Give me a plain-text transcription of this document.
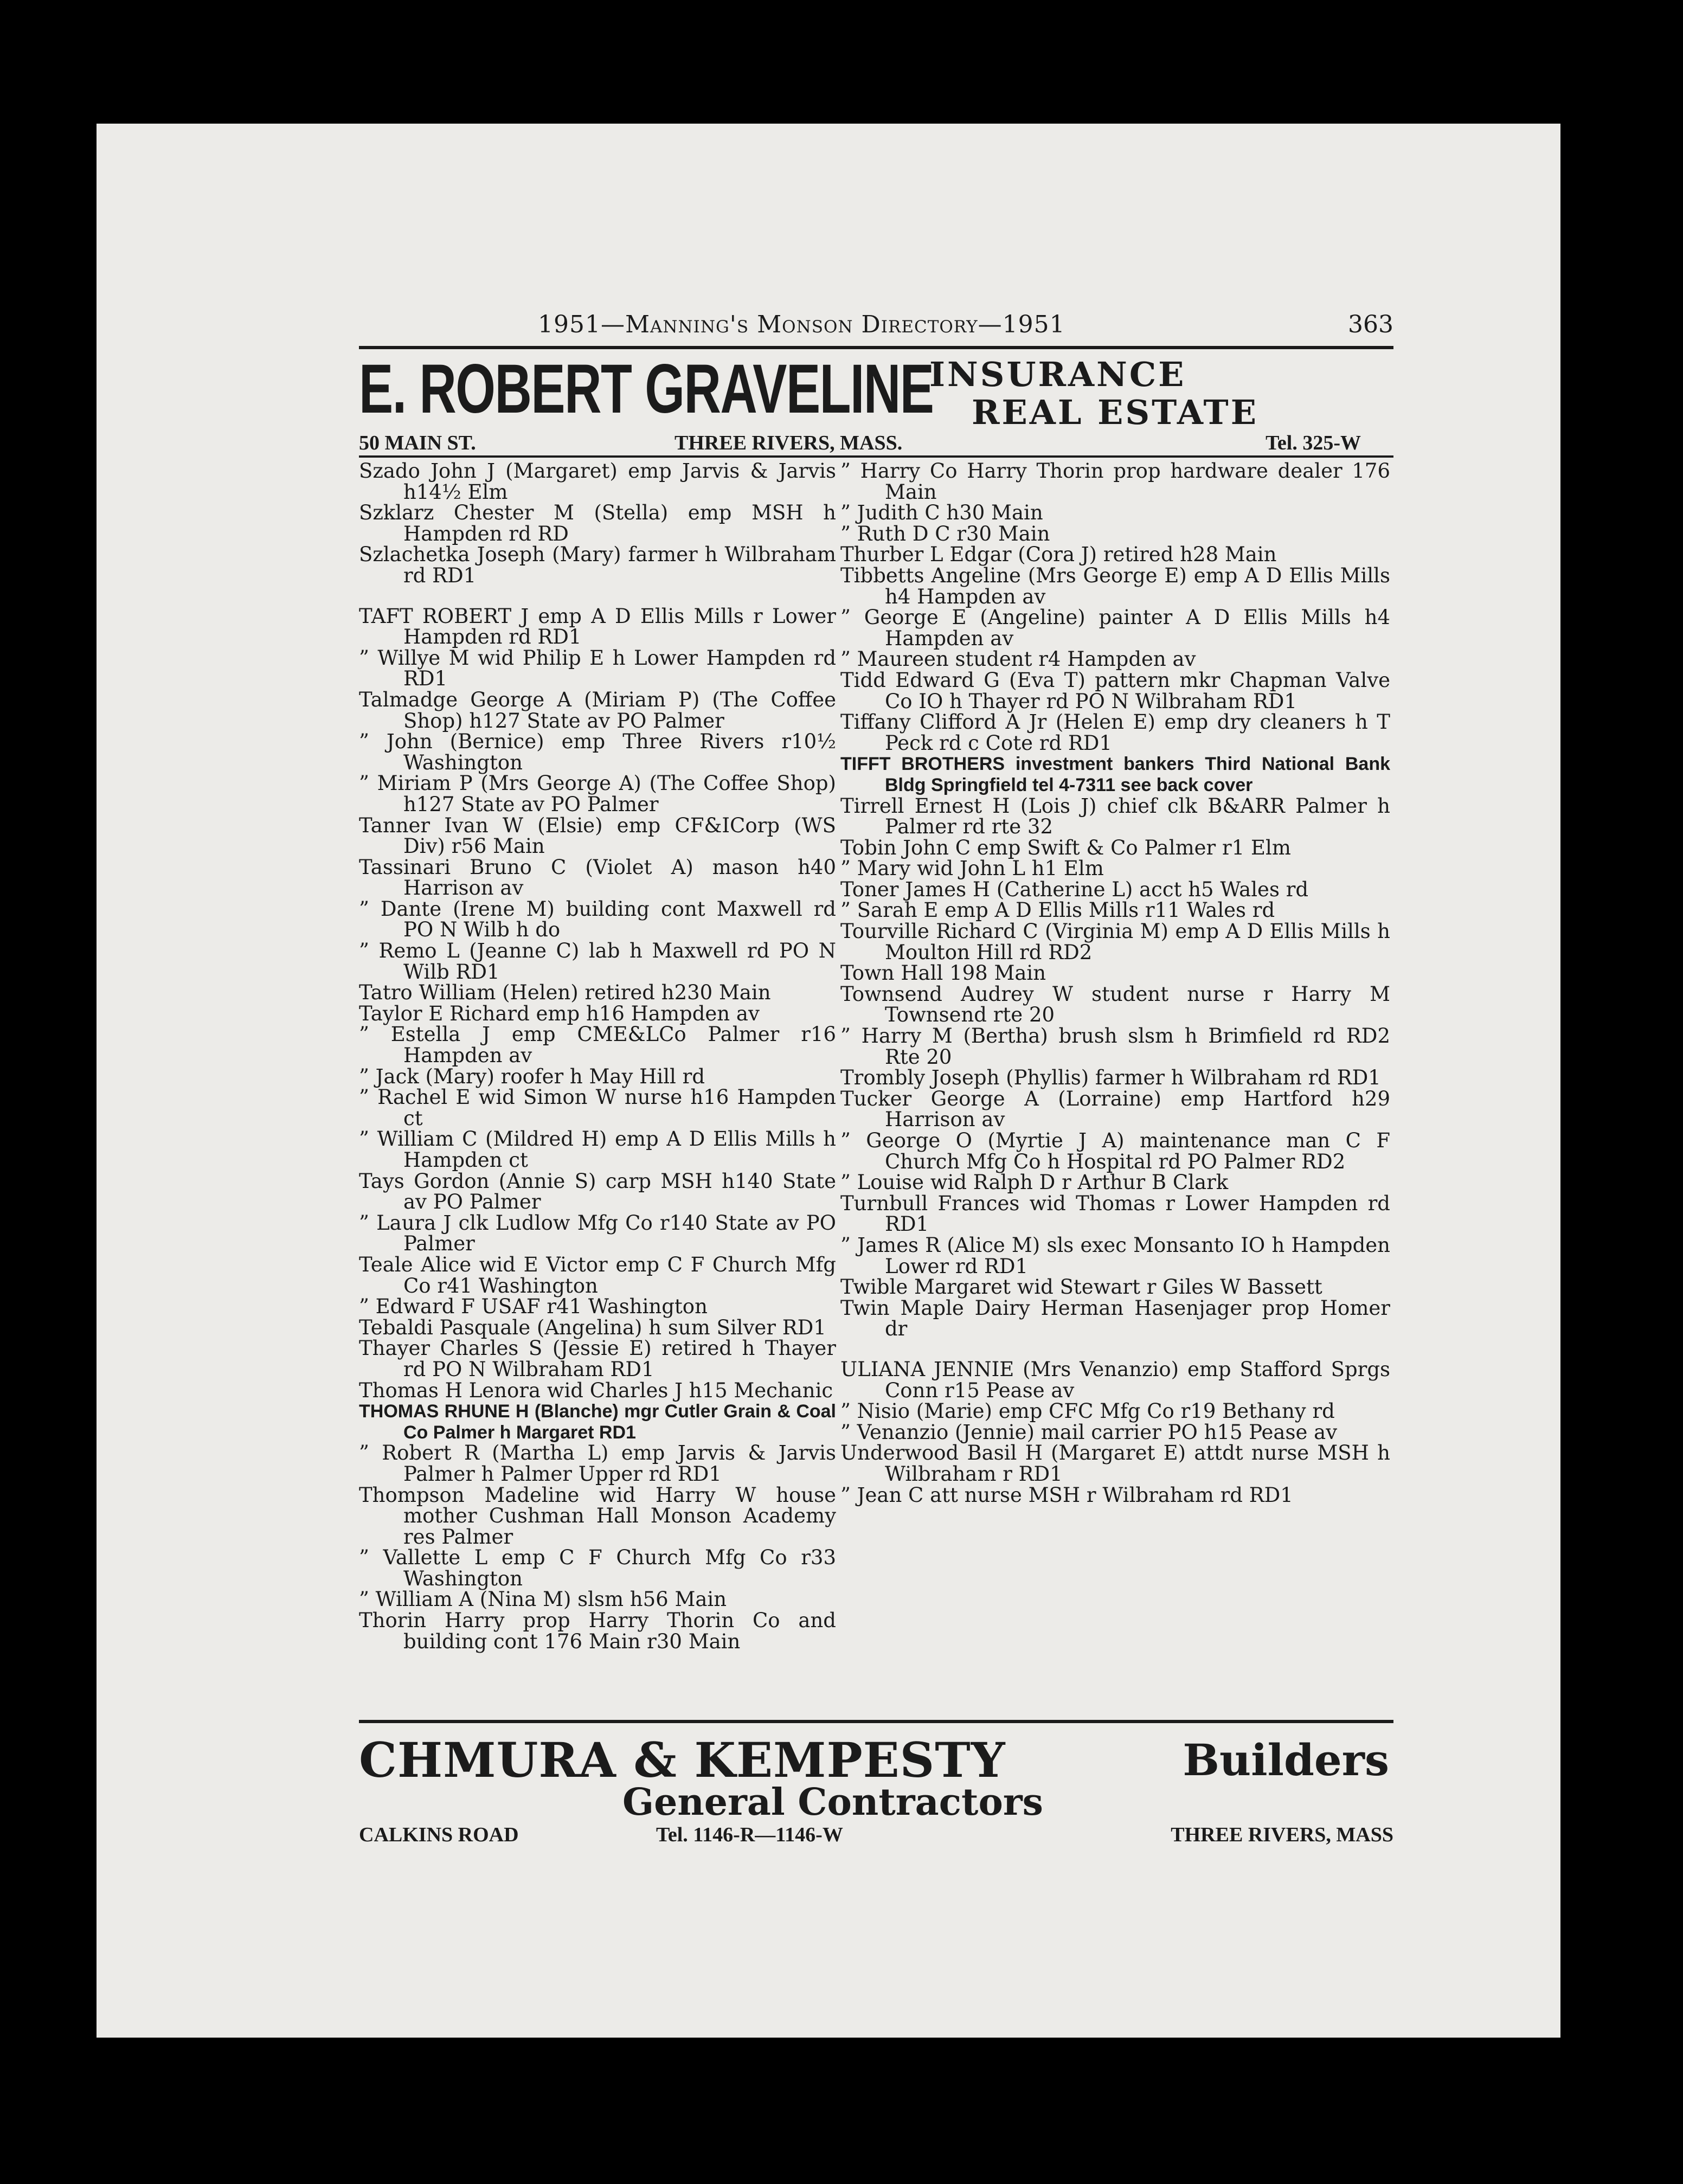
1951—Manning's Monson Directory—1951	363
E. ROBERT GRAVELINE
INSURANCE
REAL ESTATE
50 MAIN ST.	THREE RIVERS, MASS.	Tel. 325-W
Szado John J (Margaret) emp Jarvis & Jarvis h14½ Elm
Szklarz Chester M (Stella) emp MSH h Hampden rd RD
Szlachetka Joseph (Mary) farmer h Wilbraham rd RD1
TAFT ROBERT J emp A D Ellis Mills r Lower Hampden rd RD1
” Willye M wid Philip E h Lower Hampden rd RD1
Talmadge George A (Miriam P) (The Coffee Shop) h127 State av PO Palmer
” John (Bernice) emp Three Rivers r10½ Washington
” Miriam P (Mrs George A) (The Coffee Shop) h127 State av PO Palmer
Tanner Ivan W (Elsie) emp CF&ICorp (WS Div) r56 Main
Tassinari Bruno C (Violet A) mason h40 Harrison av
” Dante (Irene M) building cont Maxwell rd PO N Wilb h do
” Remo L (Jeanne C) lab h Maxwell rd PO N Wilb RD1
Tatro William (Helen) retired h230 Main
Taylor E Richard emp h16 Hampden av
” Estella J emp CME&LCo Palmer r16 Hampden av
” Jack (Mary) roofer h May Hill rd
” Rachel E wid Simon W nurse h16 Hampden ct
” William C (Mildred H) emp A D Ellis Mills h Hampden ct
Tays Gordon (Annie S) carp MSH h140 State av PO Palmer
” Laura J clk Ludlow Mfg Co r140 State av PO Palmer
Teale Alice wid E Victor emp C F Church Mfg Co r41 Washington
” Edward F USAF r41 Washington
Tebaldi Pasquale (Angelina) h sum Silver RD1
Thayer Charles S (Jessie E) retired h Thayer rd PO N Wilbraham RD1
Thomas H Lenora wid Charles J h15 Mechanic
THOMAS RHUNE H (Blanche) mgr Cutler Grain & Coal Co Palmer h Margaret RD1
” Robert R (Martha L) emp Jarvis & Jarvis Palmer h Palmer Upper rd RD1
Thompson Madeline wid Harry W house mother Cushman Hall Monson Academy res Palmer
” Vallette L emp C F Church Mfg Co r33 Washington
” William A (Nina M) slsm h56 Main
Thorin Harry prop Harry Thorin Co and building cont 176 Main r30 Main
” Harry Co Harry Thorin prop hardware dealer 176 Main
” Judith C h30 Main
” Ruth D C r30 Main
Thurber L Edgar (Cora J) retired h28 Main
Tibbetts Angeline (Mrs George E) emp A D Ellis Mills h4 Hampden av
” George E (Angeline) painter A D Ellis Mills h4 Hampden av
” Maureen student r4 Hampden av
Tidd Edward G (Eva T) pattern mkr Chapman Valve Co IO h Thayer rd PO N Wilbraham RD1
Tiffany Clifford A Jr (Helen E) emp dry cleaners h T Peck rd c Cote rd RD1
TIFFT BROTHERS investment bankers Third National Bank Bldg Springfield tel 4-7311 see back cover
Tirrell Ernest H (Lois J) chief clk B&ARR Palmer h Palmer rd rte 32
Tobin John C emp Swift & Co Palmer r1 Elm
” Mary wid John L h1 Elm
Toner James H (Catherine L) acct h5 Wales rd
” Sarah E emp A D Ellis Mills r11 Wales rd
Tourville Richard C (Virginia M) emp A D Ellis Mills h Moulton Hill rd RD2
Town Hall 198 Main
Townsend Audrey W student nurse r Harry M Townsend rte 20
” Harry M (Bertha) brush slsm h Brimfield rd RD2 Rte 20
Trombly Joseph (Phyllis) farmer h Wilbraham rd RD1
Tucker George A (Lorraine) emp Hartford h29 Harrison av
” George O (Myrtie J A) maintenance man C F Church Mfg Co h Hospital rd PO Palmer RD2
” Louise wid Ralph D r Arthur B Clark
Turnbull Frances wid Thomas r Lower Hampden rd RD1
” James R (Alice M) sls exec Monsanto IO h Hampden Lower rd RD1
Twible Margaret wid Stewart r Giles W Bassett
Twin Maple Dairy Herman Hasenjager prop Homer dr
ULIANA JENNIE (Mrs Venanzio) emp Stafford Sprgs Conn r15 Pease av
” Nisio (Marie) emp CFC Mfg Co r19 Bethany rd
” Venanzio (Jennie) mail carrier PO h15 Pease av
Underwood Basil H (Margaret E) attdt nurse MSH h Wilbraham r RD1
” Jean C att nurse MSH r Wilbraham rd RD1
CHMURA & KEMPESTY	Builders
General Contractors
CALKINS ROAD	Tel. 1146-R—1146-W	THREE RIVERS, MASS
